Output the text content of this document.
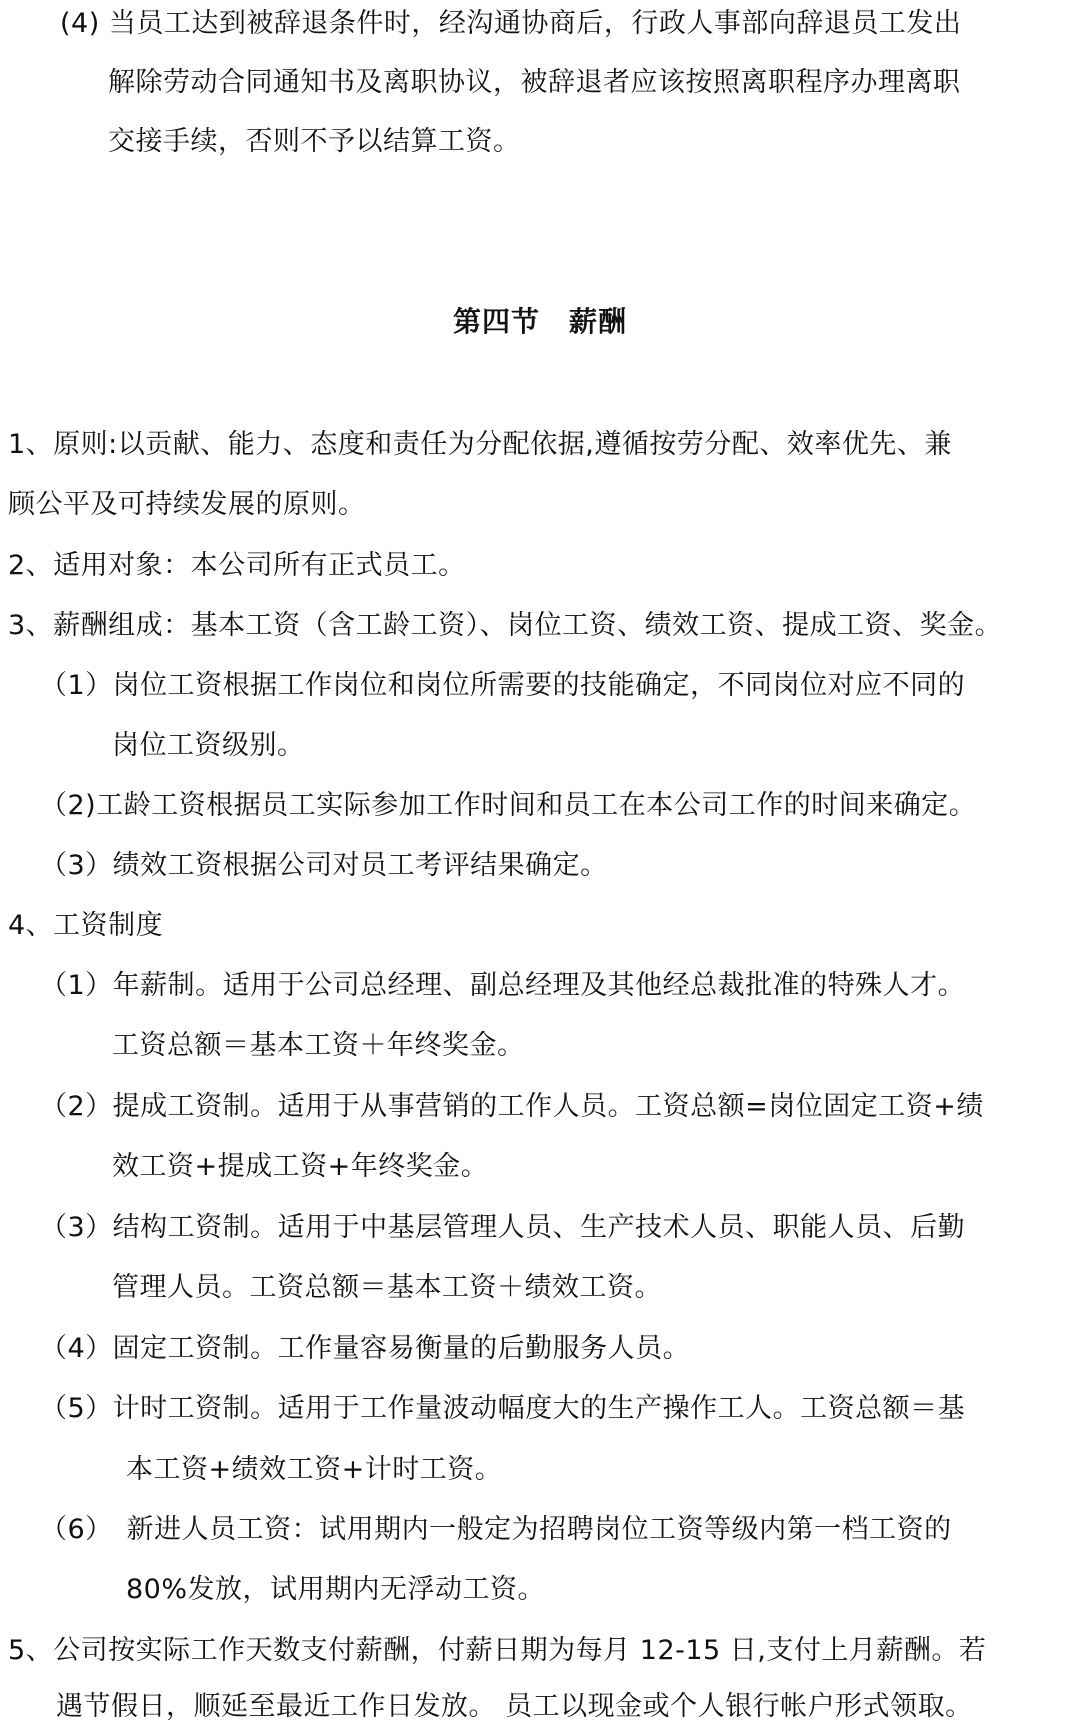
(4) 当员工达到被辞退条件时，经沟通协商后，行政人事部向辞退员工发出
解除劳动合同通知书及离职协议，被辞退者应该按照离职程序办理离职
交接手续，否则不予以结算工资。
第四节　薪酬
1、原则:以贡献、能力、态度和责任为分配依据,遵循按劳分配、效率优先、兼
顾公平及可持续发展的原则。
2、适用对象：本公司所有正式员工。
3、薪酬组成：基本工资（含工龄工资）、岗位工资、绩效工资、提成工资、奖金。
（1）岗位工资根据工作岗位和岗位所需要的技能确定，不同岗位对应不同的
岗位工资级别。
（2)工龄工资根据员工实际参加工作时间和员工在本公司工作的时间来确定。
（3）绩效工资根据公司对员工考评结果确定。
4、工资制度
（1）年薪制。适用于公司总经理、副总经理及其他经总裁批准的特殊人才。
工资总额＝基本工资＋年终奖金。
（2）提成工资制。适用于从事营销的工作人员。工资总额=岗位固定工资+绩
效工资+提成工资+年终奖金。
（3）结构工资制。适用于中基层管理人员、生产技术人员、职能人员、后勤
管理人员。工资总额＝基本工资＋绩效工资。
（4）固定工资制。工作量容易衡量的后勤服务人员。
（5）计时工资制。适用于工作量波动幅度大的生产操作工人。工资总额＝基
本工资+绩效工资+计时工资。
（6）　新进人员工资：试用期内一般定为招聘岗位工资等级内第一档工资的
80%发放，试用期内无浮动工资。
5、公司按实际工作天数支付薪酬，付薪日期为每月 12-15 日,支付上月薪酬。若
遇节假日，顺延至最近工作日发放。 员工以现金或个人银行帐户形式领取。
